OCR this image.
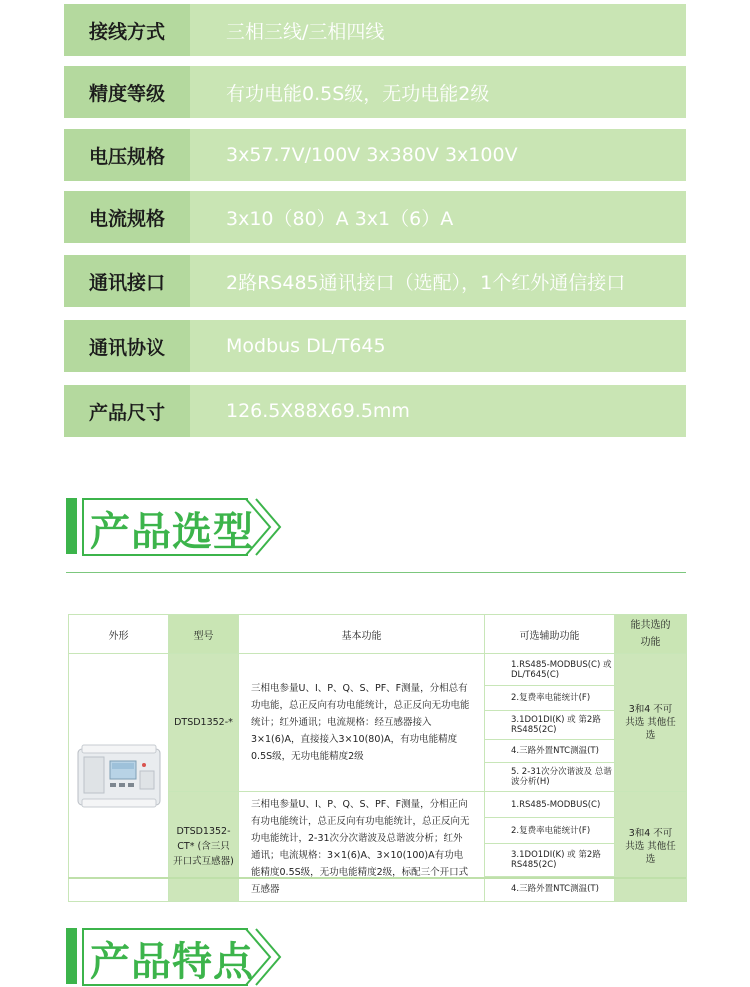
接线方式	三相三线/三相四线
精度等级	有功电能0.5S级，无功电能2级
电压规格	3x57.7V/100V 3x380V 3x100V
电流规格	3x10（80）A 3x1（6）A
通讯接口	2路RS485通讯接口（选配），1个红外通信接口
通讯协议	Modbus DL/T645
产品尺寸	126.5X88X69.5mm
产品选型
外形	型号	基本功能	可选辅助功能	能共选的功能
	DTSD1352-*	三相电参量U、I、P、Q、S、PF、F测量，分相总有功电能，总正反向有功电能统计，总正反向无功电能统计；红外通讯；电流规格：经互感器接入3×1(6)A，直接接入3×10(80)A，有功电能精度0.5S级，无功电能精度2级	1.RS485-MODBUS(C) 或DL/T645(C)
2.复费率电能统计(F)
3.1DO1DI(K) 或 第2路RS485(2C)
4.三路外置NTC测温(T)
5. 2-31次分次谐波及 总谐波分析(H)	3和4 不可共选 其他任选
	DTSD1352-CT* (含三只开口式互感器)	三相电参量U、I、P、Q、S、PF、F测量，分相正向有功电能统计，总正反向有功电能统计，总正反向无功电能统计，2-31次分次谐波及总谐波分析；红外通讯；电流规格：3×1(6)A、3×10(100)A有功电能精度0.5S级，无功电能精度2级，标配三个开口式互感器	1.RS485-MODBUS(C)
2.复费率电能统计(F)
3.1DO1DI(K) 或 第2路RS485(2C)
4.三路外置NTC测温(T)	3和4 不可共选 其他任选
产品特点
